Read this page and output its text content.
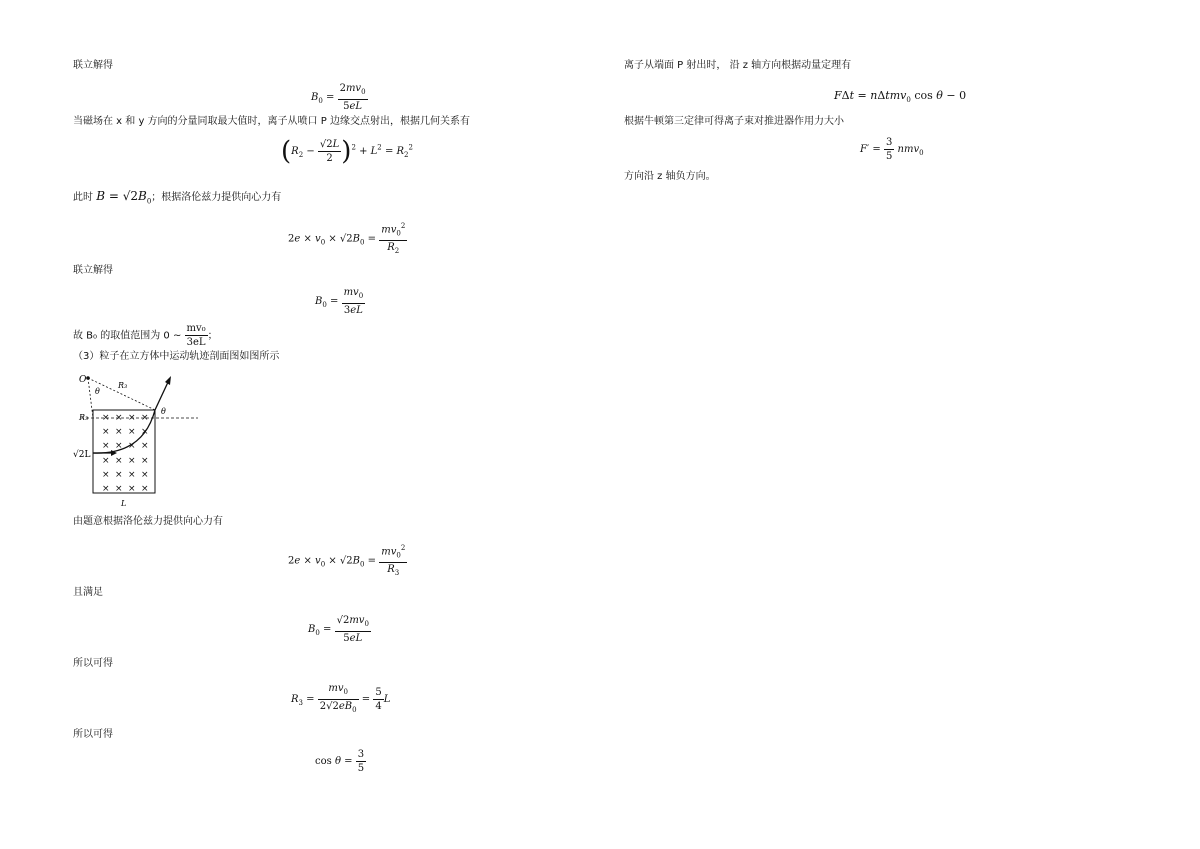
联立解得
$B_0 = \frac{2mv_0}{5eL}$
当磁场在 x 和 y 方向的分量同取最大值时，离子从喷口 P 边缘交点射出，根据几何关系有
$(R_2 - \frac{√2L}{2} )^2 + L^2 = R_2^2$
此时 $B = √2B_0$；根据洛伦兹力提供向心力有
$2e \times v_0 \times √2B_0 = \frac{mv_0^2}{R_2}$
联立解得
$B_0 = \frac{mv_0}{3eL}$
故 B₀ 的取值范围为 0 ~ $\frac{\text{mv₀}}{3eL}$ ；
（3）粒子在立方体中运动轨迹剖面图如图所示
× × × ×
× × × ×
× × × ×
× × × ×
× × × ×
× × × ×
O
θ
R₃
R₃
θ
√2L
L
由题意根据洛伦兹力提供向心力有
$2e \times v_0 \times √2B_0 = \frac{mv_0^2}{R_3}$
且满足
$B_0 = \frac{√2mv_0}{5eL}$
所以可得
$R_3 = \frac{mv_0}{2√2eB_0} = \frac{5}{4}$ L
所以可得
$\cos \theta = \frac{3}{5}$
离子从端面 P 射出时， 沿 z 轴方向根据动量定理有
FΔt = nΔtmv$_0$ cos θ − 0
根据牛顿第三定律可得离子束对推进器作用力大小
$F' = \frac{3}{5} nmv_0$
方向沿 z 轴负方向。
